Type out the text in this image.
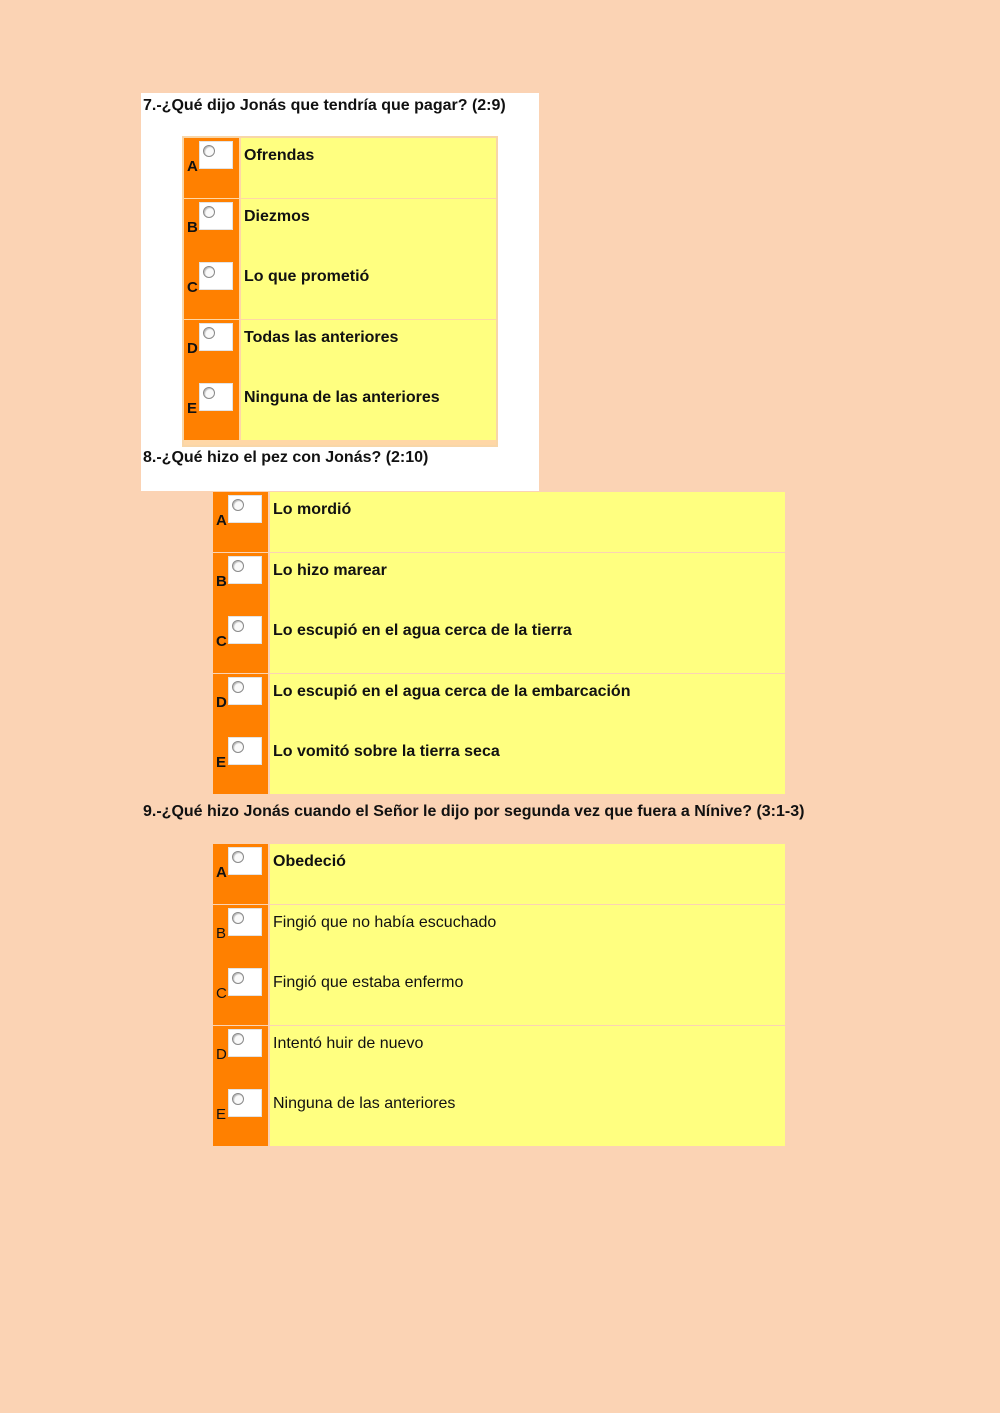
7.-¿Qué dijo Jonás que tendría que pagar? (2:9)
A
Ofrendas
B
Diezmos
C
Lo que prometió
D
Todas las anteriores
E
Ninguna de las anteriores
8.-¿Qué hizo el pez con Jonás? (2:10)
A
Lo mordió
B
Lo hizo marear
C
Lo escupió en el agua cerca de la tierra
D
Lo escupió en el agua cerca de la embarcación
E
Lo vomitó sobre la tierra seca
9.-¿Qué hizo Jonás cuando el Señor le dijo por segunda vez que fuera a Nínive? (3:1-3)
A
Obedeció
B
Fingió que no había escuchado
C
Fingió que estaba enfermo
D
Intentó huir de nuevo
E
Ninguna de las anteriores
